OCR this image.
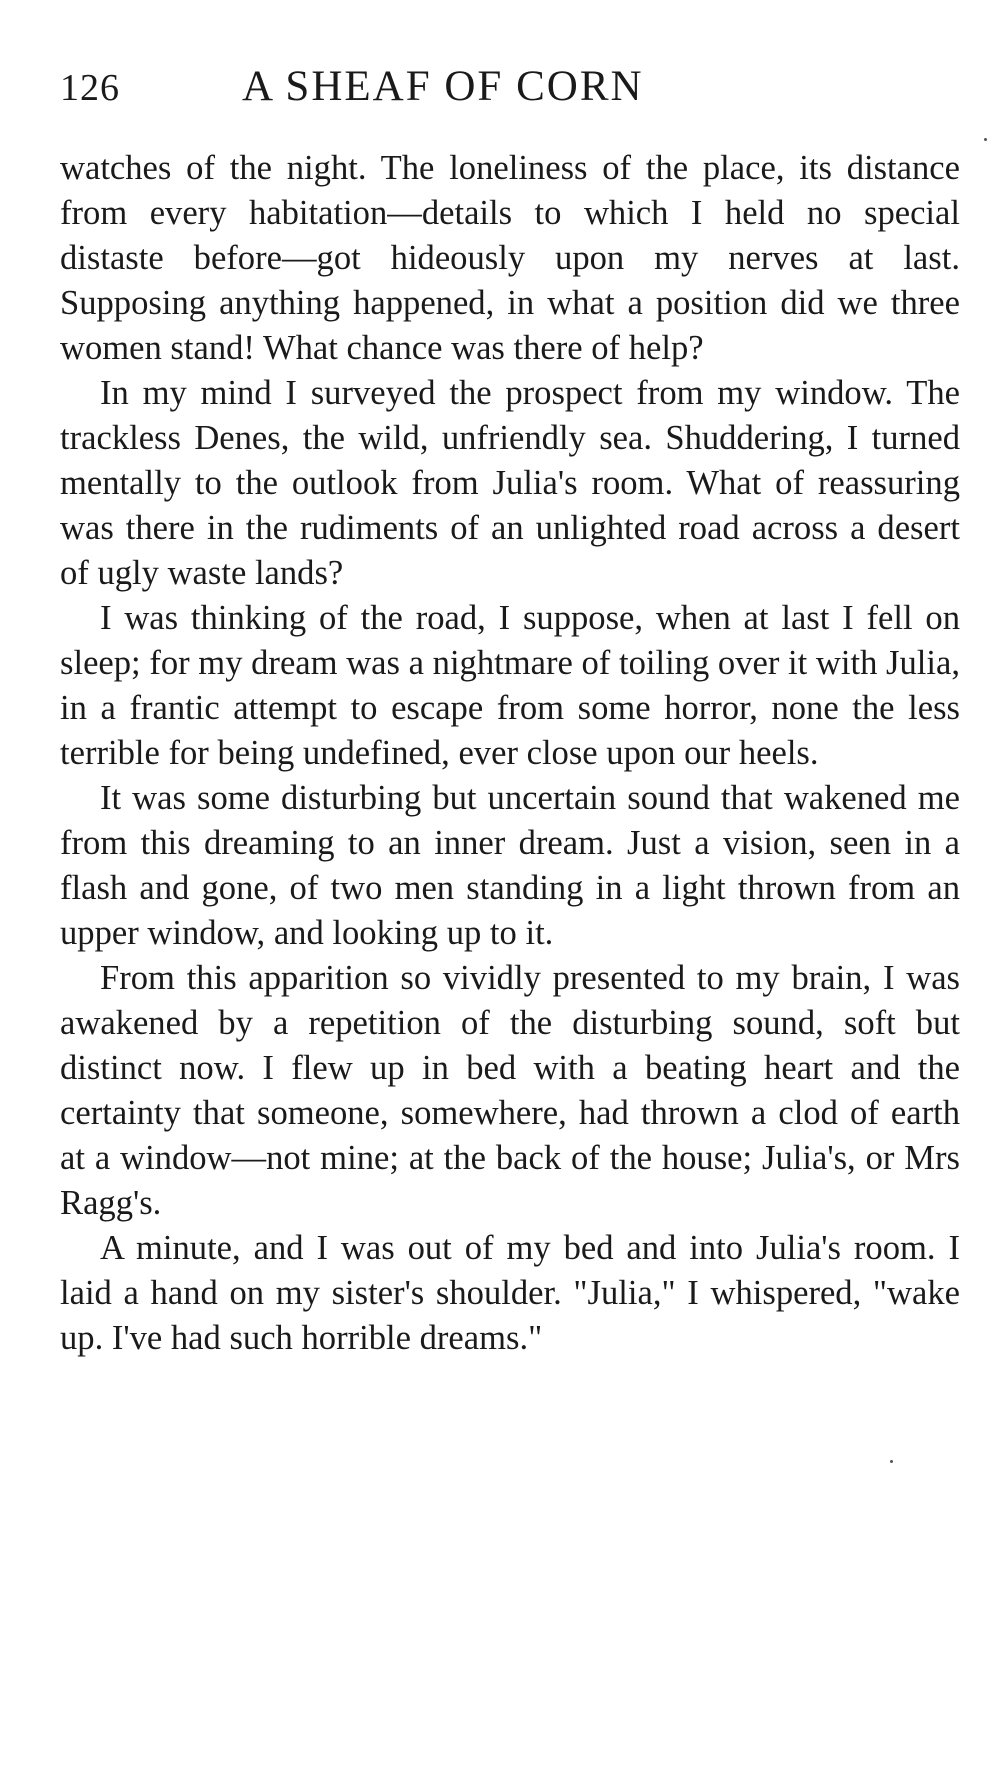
126	A SHEAF OF CORN

watches of the night. The loneliness of the place, its distance from every habitation—details to which I held no special distaste before—got hideously upon my nerves at last. Supposing anything happened, in what a position did we three women stand! What chance was there of help?

In my mind I surveyed the prospect from my window. The trackless Denes, the wild, unfriendly sea. Shuddering, I turned mentally to the outlook from Julia's room. What of reassuring was there in the rudiments of an unlighted road across a desert of ugly waste lands?

I was thinking of the road, I suppose, when at last I fell on sleep; for my dream was a nightmare of toiling over it with Julia, in a frantic attempt to escape from some horror, none the less terrible for being undefined, ever close upon our heels.

It was some disturbing but uncertain sound that wakened me from this dreaming to an inner dream. Just a vision, seen in a flash and gone, of two men standing in a light thrown from an upper window, and looking up to it.

From this apparition so vividly presented to my brain, I was awakened by a repetition of the disturbing sound, soft but distinct now. I flew up in bed with a beating heart and the certainty that someone, somewhere, had thrown a clod of earth at a window—not mine; at the back of the house; Julia's, or Mrs Ragg's.

A minute, and I was out of my bed and into Julia's room. I laid a hand on my sister's shoulder. "Julia," I whispered, "wake up. I've had such horrible dreams."
